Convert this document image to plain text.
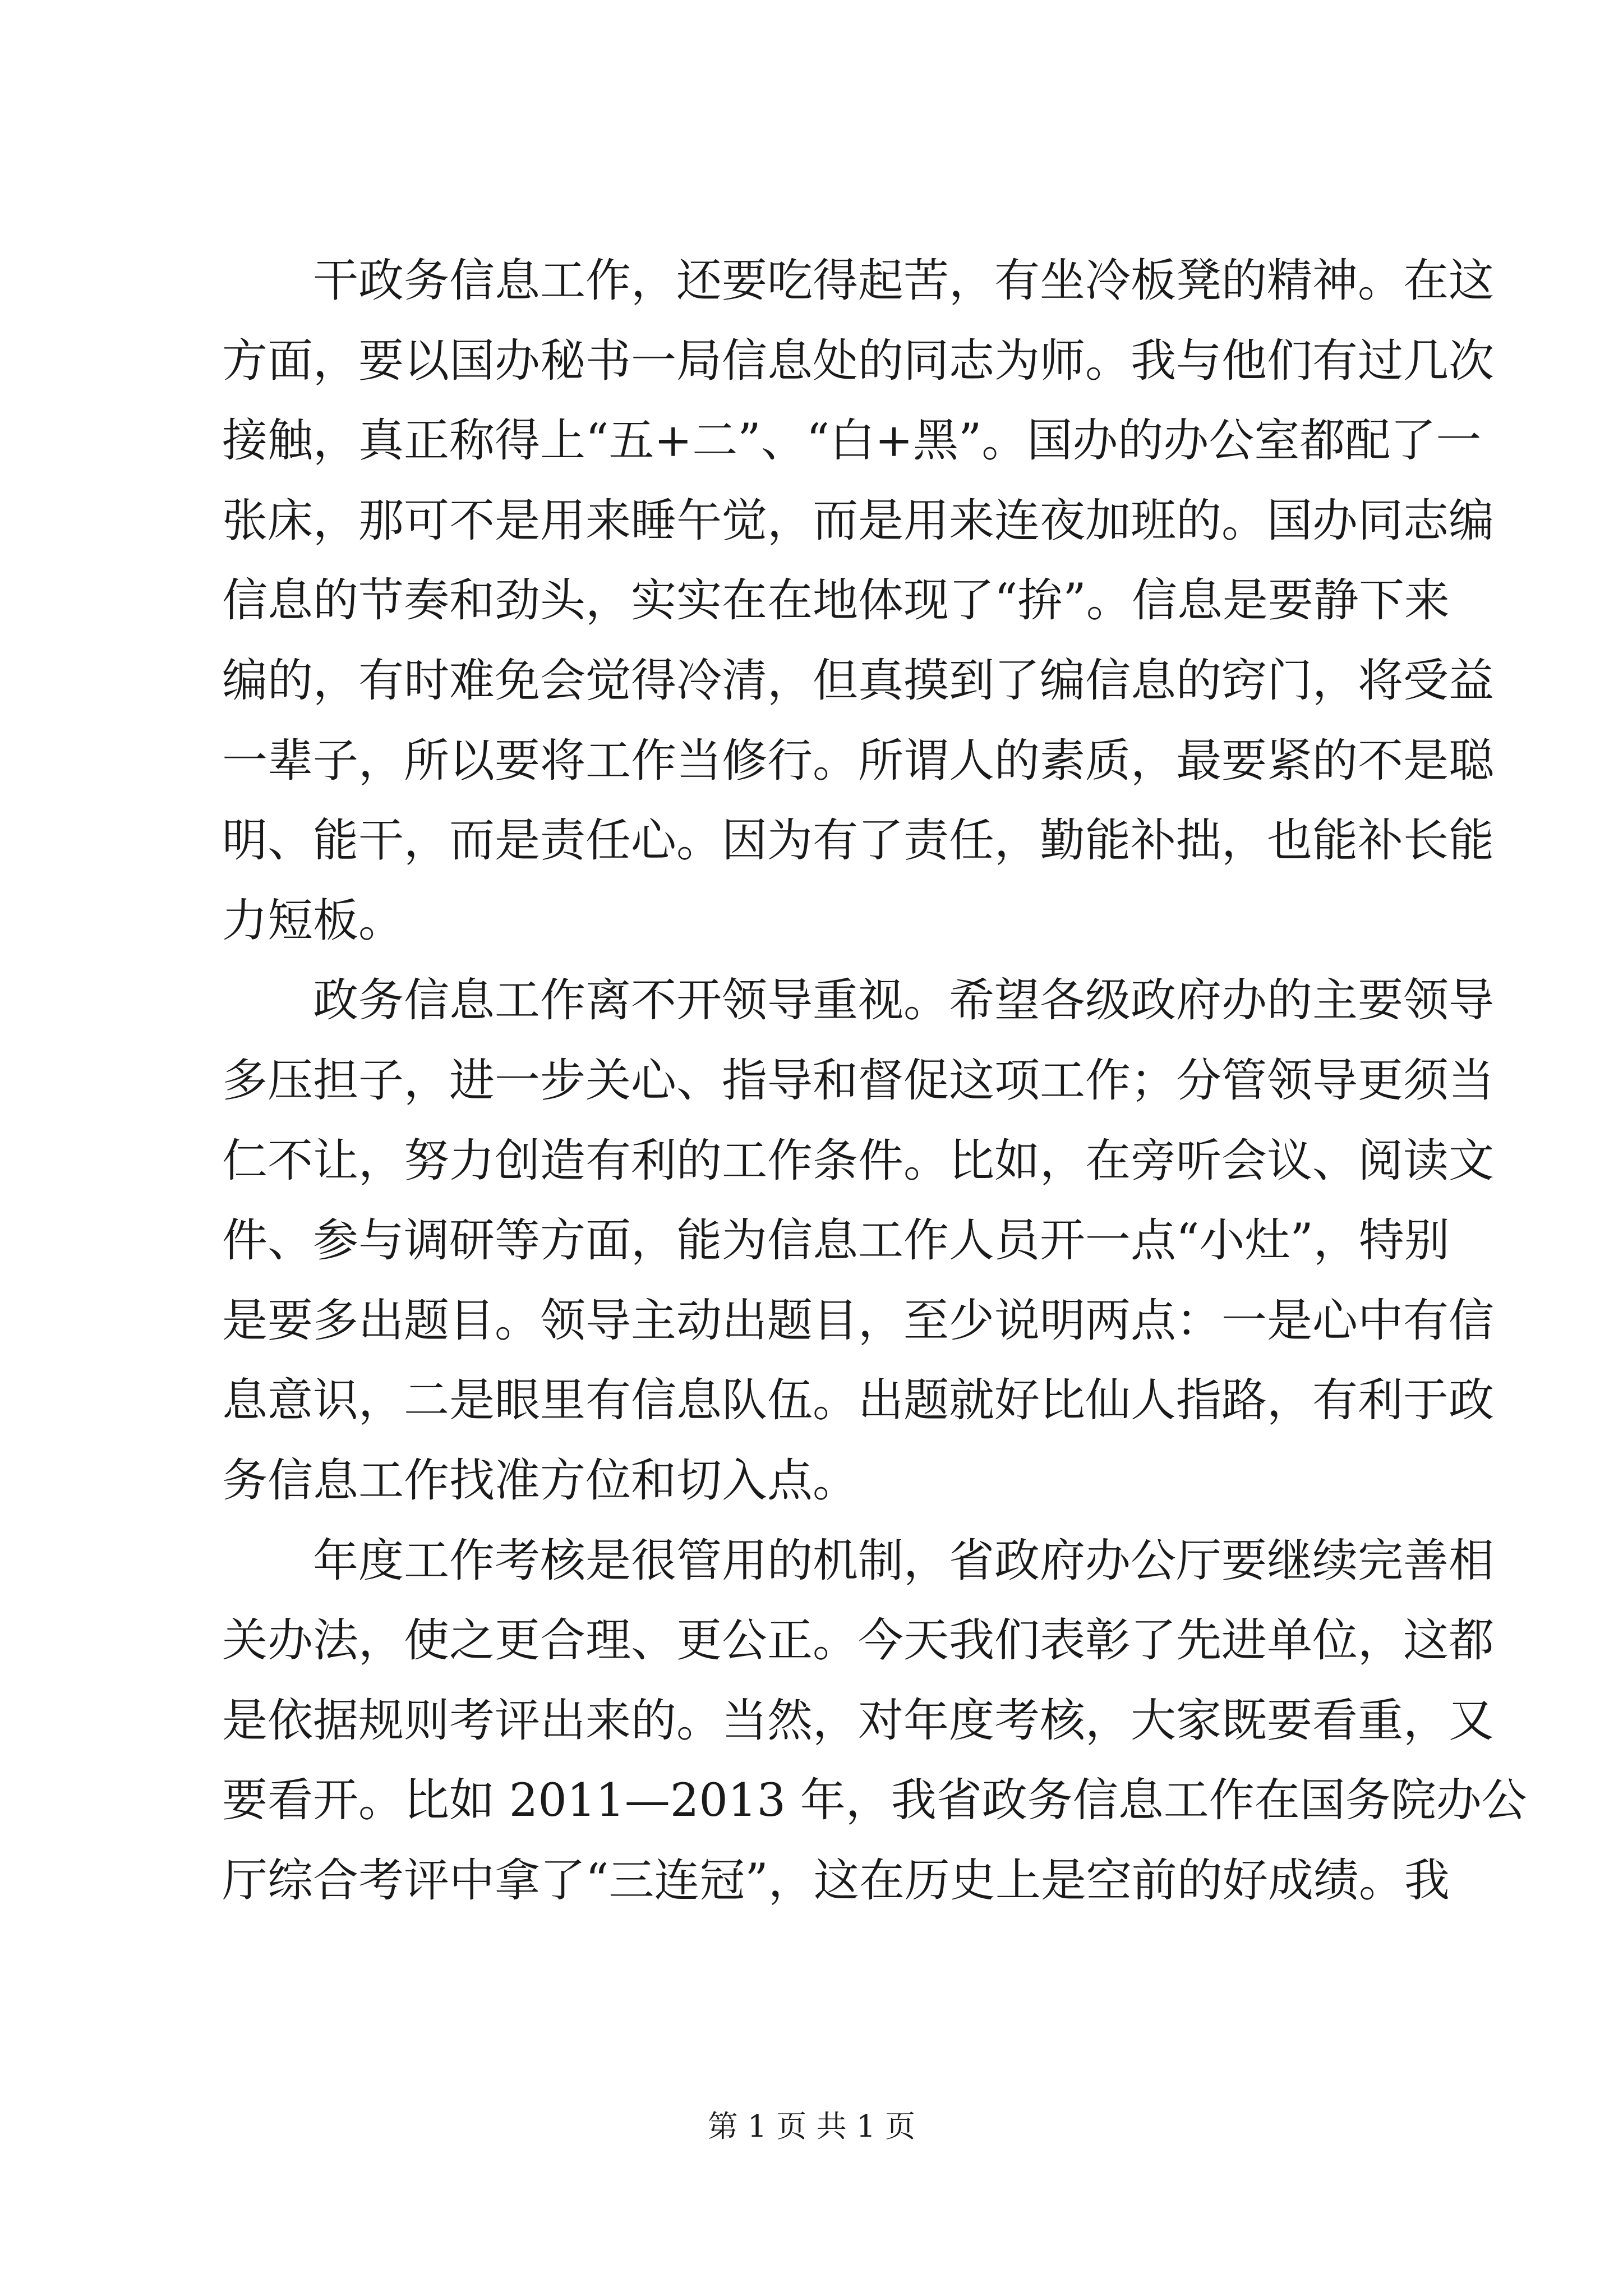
干政务信息工作，还要吃得起苦，有坐冷板凳的精神。在这
方面，要以国办秘书一局信息处的同志为师。我与他们有过几次
接触，真正称得上“五+二”、“白+黑”。国办的办公室都配了一
张床，那可不是用来睡午觉，而是用来连夜加班的。国办同志编
信息的节奏和劲头，实实在在地体现了“拚”。信息是要静下来
编的，有时难免会觉得冷清，但真摸到了编信息的窍门，将受益
一辈子，所以要将工作当修行。所谓人的素质，最要紧的不是聪
明、能干，而是责任心。因为有了责任，勤能补拙，也能补长能
力短板。
政务信息工作离不开领导重视。希望各级政府办的主要领导
多压担子，进一步关心、指导和督促这项工作；分管领导更须当
仁不让，努力创造有利的工作条件。比如，在旁听会议、阅读文
件、参与调研等方面，能为信息工作人员开一点“小灶”，特别
是要多出题目。领导主动出题目，至少说明两点：一是心中有信
息意识，二是眼里有信息队伍。出题就好比仙人指路，有利于政
务信息工作找准方位和切入点。
年度工作考核是很管用的机制，省政府办公厅要继续完善相
关办法，使之更合理、更公正。今天我们表彰了先进单位，这都
是依据规则考评出来的。当然，对年度考核，大家既要看重，又
要看开。比如 2011—2013 年，我省政务信息工作在国务院办公
厅综合考评中拿了“三连冠”，这在历史上是空前的好成绩。我
第 1 页 共 1 页
